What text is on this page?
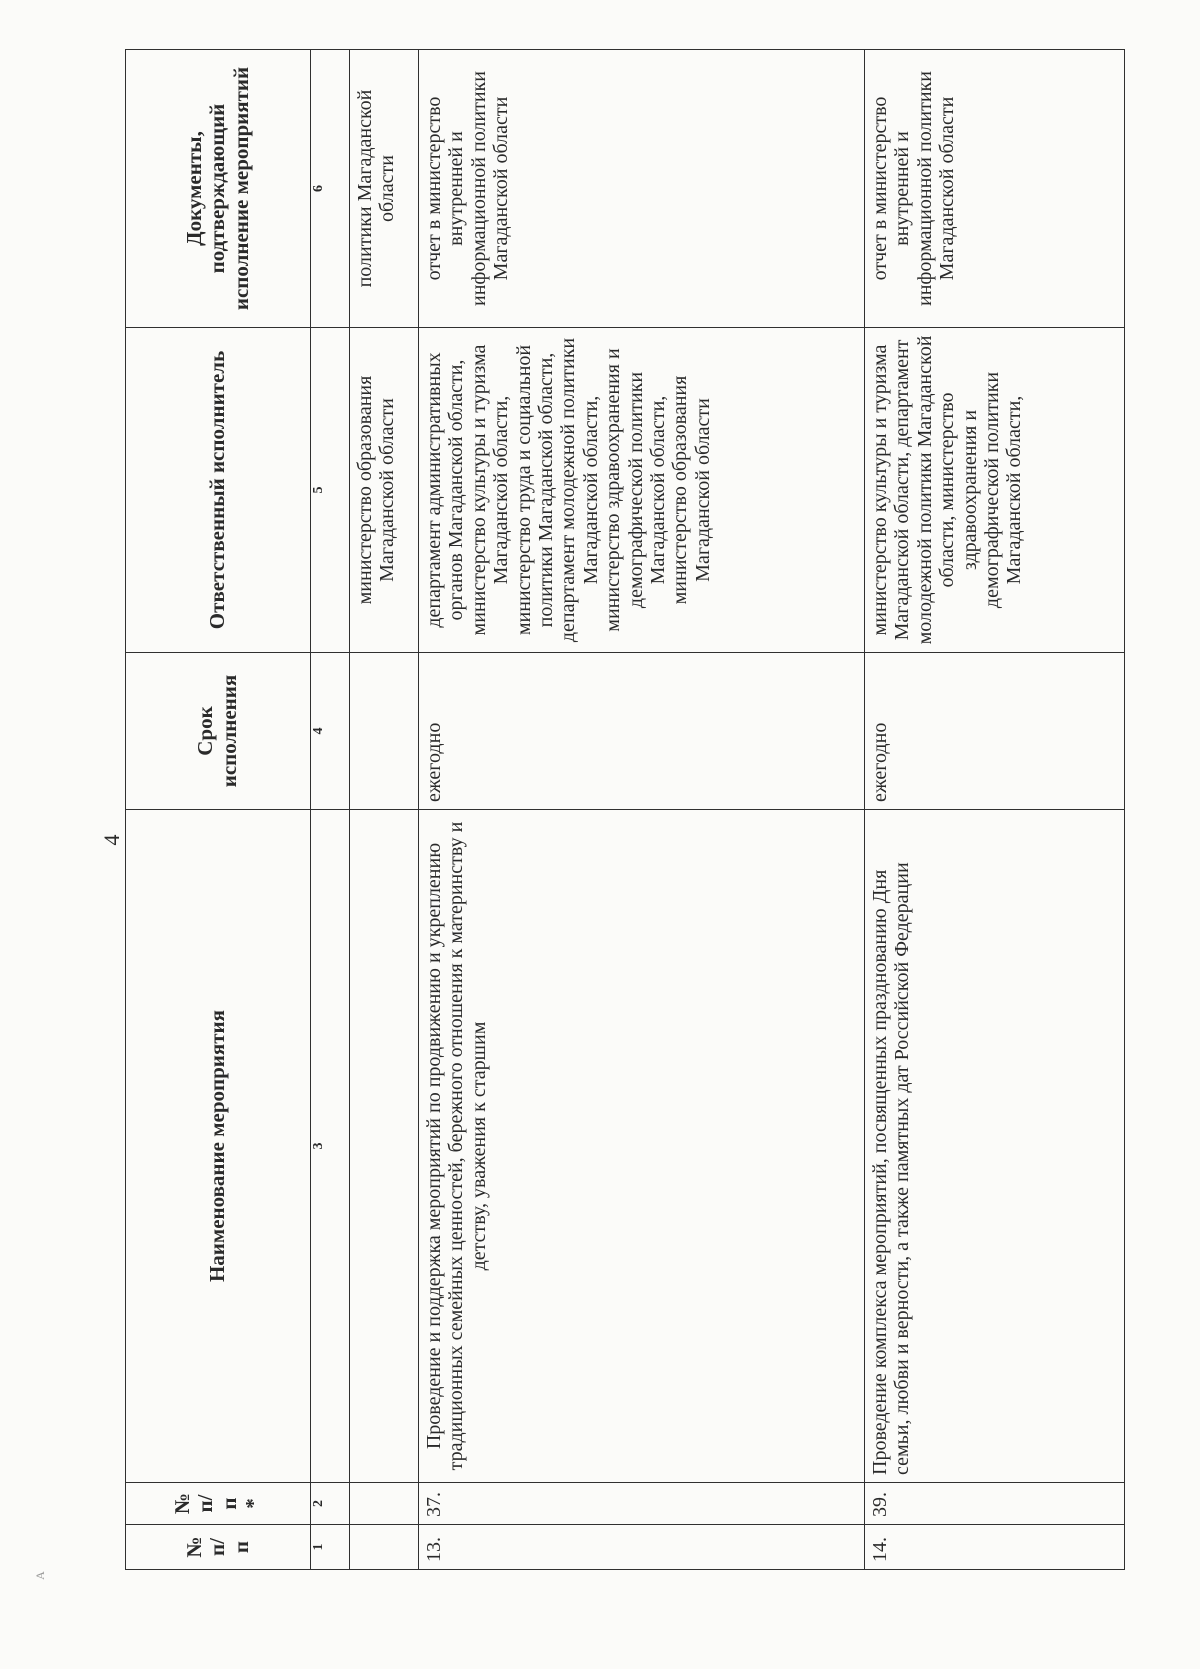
4
A
№ п/п	№ п/п *	Наименование мероприятия	Срок исполнения	Ответственный исполнитель	Документы, подтверждающий исполнение мероприятий
1	2	3	4	5	6
				министерство образования Магаданской области	политики Магаданской области
13.	37.	Проведение и поддержка мероприятий по продвижению и укреплению традиционных семейных ценностей, бережного отношения к материнству и детству, уважения к старшим	ежегодно	департамент административных органов Магаданской области, министерство культуры и туризма Магаданской области, министерство труда и социальной политики Магаданской области, департамент молодежной политики Магаданской области, министерство здравоохранения и демографической политики Магаданской области, министерство образования Магаданской области	отчет в министерство внутренней и информационной политики Магаданской области
14.	39.	Проведение комплекса мероприятий, посвященных празднованию Дня семьи, любви и верности, а также памятных дат Российской Федерации	ежегодно	министерство культуры и туризма Магаданской области, департамент молодежной политики Магаданской области, министерство здравоохранения и демографической политики Магаданской области,	отчет в министерство внутренней и информационной политики Магаданской области
